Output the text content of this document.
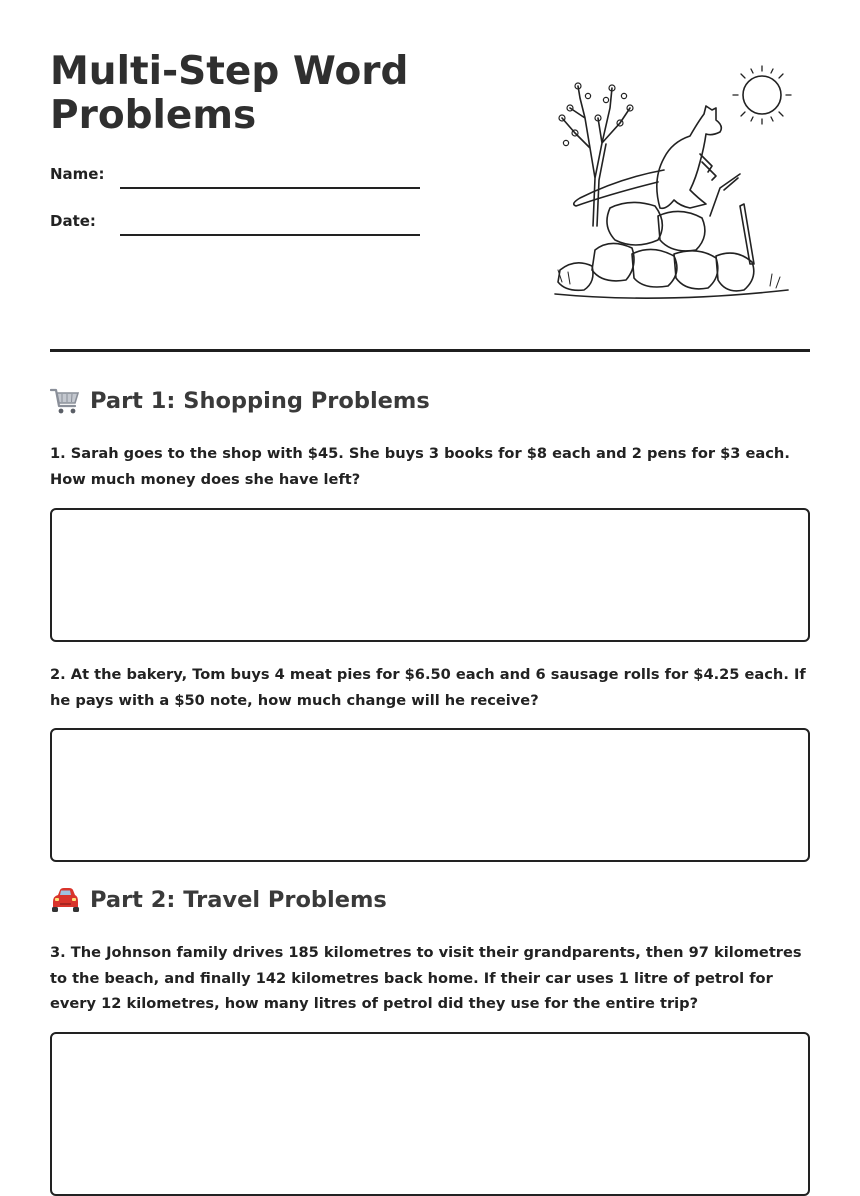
Multi-Step Word Problems
Name:
Date:
Part 1: Shopping Problems

1. Sarah goes to the shop with $45. She buys 3 books for $8 each and 2 pens for $3 each. How much money does she have left?

2. At the bakery, Tom buys 4 meat pies for $6.50 each and 6 sausage rolls for $4.25 each. If he pays with a $50 note, how much change will he receive?

Part 2: Travel Problems

3. The Johnson family drives 185 kilometres to visit their grandparents, then 97 kilometres to the beach, and finally 142 kilometres back home. If their car uses 1 litre of petrol for every 12 kilometres, how many litres of petrol did they use for the entire trip?
